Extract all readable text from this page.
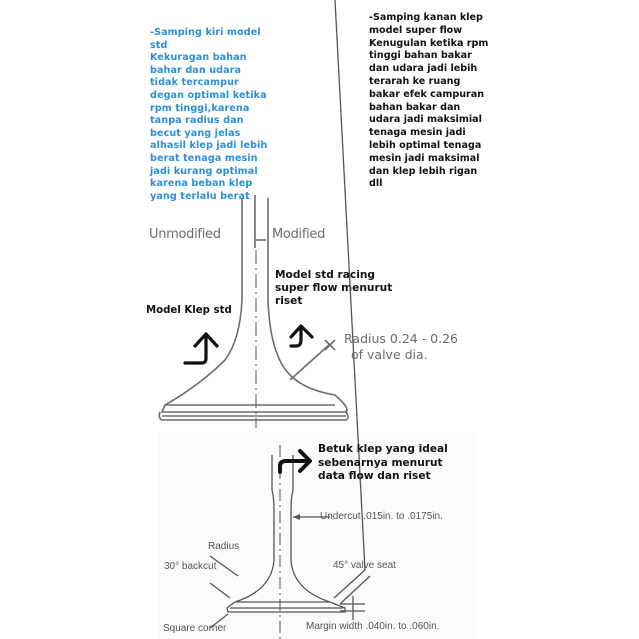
-Samping kiri model
std
Kekuragan bahan
bahar dan udara
tidak tercampur
degan optimal ketika
rpm tinggi,karena
tanpa radius dan
becut yang jelas
alhasil klep jadi lebih
berat tenaga mesin
jadi kurang optimal
karena beban klep
yang terlalu berat
-Samping kanan klep
model super flow
Kenugulan ketika rpm
tinggi bahan bakar
dan udara jadi lebih
terarah ke ruang
bakar efek campuran
bahan bakar dan
udara jadi maksimial
tenaga mesin jadi
lebih optimal tenaga
mesin jadi maksimal
dan klep lebih rigan
dll
Unmodified	Modified
Model Klep std
Model std racing
super flow menurut
riset
Radius 0.24 - 0.26
of valve dia.
Betuk klep yang ideal
sebenarnya menurut
data flow dan riset
Undercut .015in. to .0175in.
Radius
30° backcut	45° valve seat
Square corner	Margin width .040in. to .060in.
